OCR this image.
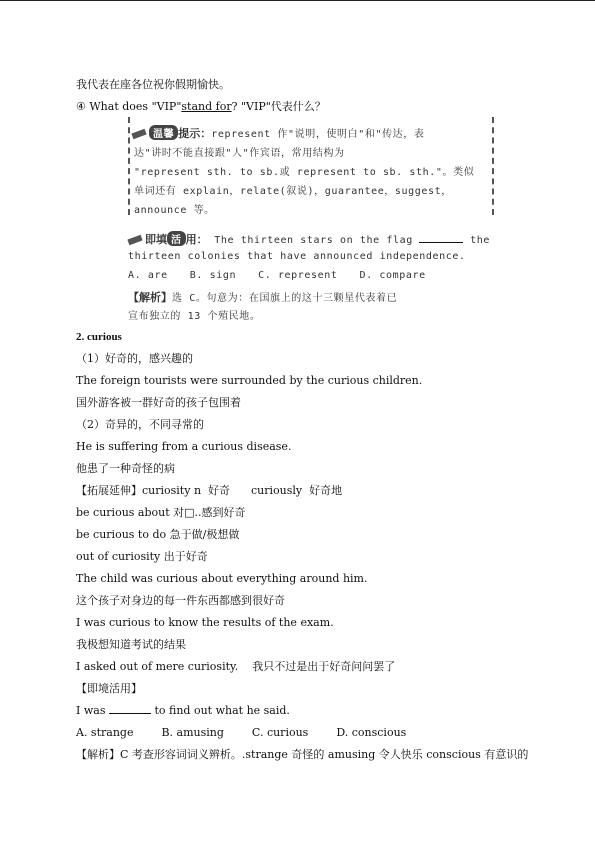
我代表在座各位祝你假期愉快。
④ What does "VIP"stand for? "VIP"代表什么？
温馨 提示：represent 作"说明，使明白"和"传达，表
达"讲时不能直接跟"人"作宾语，常用结构为
"represent sth. to sb.或 represent to sb. sth."。类似
单词还有 explain，relate(叙说)，guarantee，suggest，
announce 等。
即填 活 用： The thirteen stars on the flag	the
thirteen colonies that have announced independence.
A. are B. sign C. represent D. compare
【解析】选 C。句意为：在国旗上的这十三颗星代表着已
宣布独立的 13 个殖民地。
2. curious
（1）好奇的，感兴趣的
The foreign tourists were surrounded by the curious children.
国外游客被一群好奇的孩子包围着
（2）奇异的，不同寻常的
He is suffering from a curious disease.
他患了一种奇怪的病
【拓展延伸】curiosity n  好奇      curiously  好奇地
be curious about 对□..感到好奇
be curious to do 急于做/极想做
out of curiosity 出于好奇
The child was curious about everything around him.
这个孩子对身边的每一件东西都感到很好奇
I was curious to know the results of the exam.
我极想知道考试的结果
I asked out of mere curiosity.    我只不过是出于好奇问问罢了
【即境活用】
I was	to find out what he said.
A. strange	B. amusing	C. curious	D. conscious
【解析】C 考查形容词词义辨析。.strange 奇怪的 amusing 令人快乐 conscious 有意识的
